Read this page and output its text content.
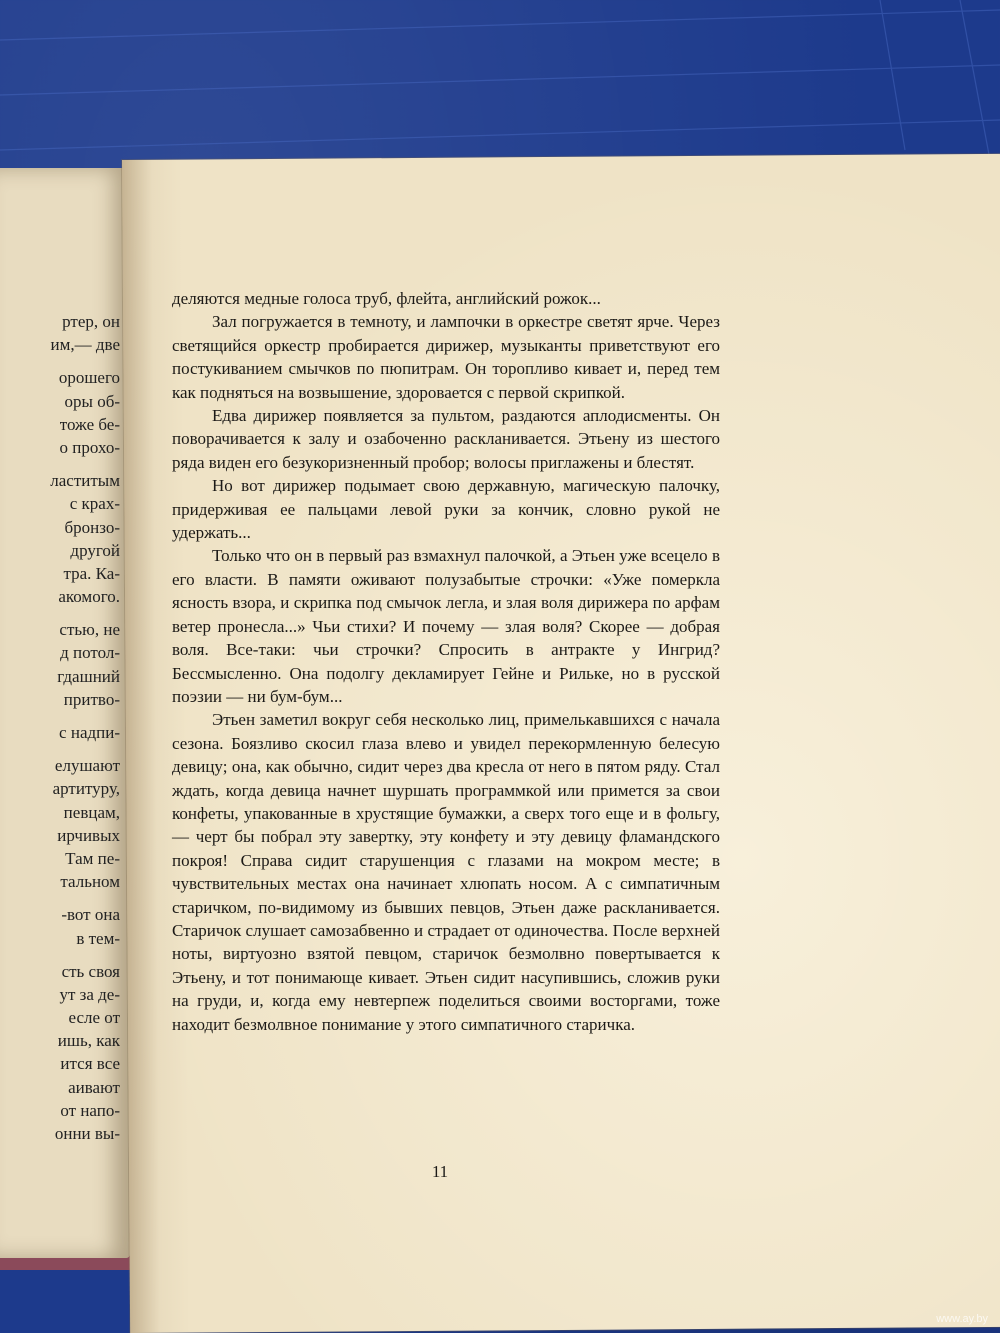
ртер, он
им,— две
орошего
оры об-
тоже бе-
о прохо-
ластитым
с крах-
бронзо-
другой
тра. Ка-
акомого.
стью, не
д потол-
гдашний
притво-
с надпи-
елушают
артитуру,
певцам,
ирчивых
Там пе-
тальном
-вот она
в тем-
сть своя
ут за де-
есле от
ишь, как
ится все
аивают
от напо-
онни вы-

деляются медные голоса труб, флейта, английский рожок...

Зал погружается в темноту, и лампочки в оркестре светят ярче. Через светящийся оркестр пробирается дирижер, музыканты приветствуют его постукиванием смычков по пюпитрам. Он торопливо кивает и, перед тем как подняться на возвышение, здоровается с первой скрипкой.

Едва дирижер появляется за пультом, раздаются аплодисменты. Он поворачивается к залу и озабоченно раскланивается. Этьену из шестого ряда виден его безукоризненный пробор; волосы приглажены и блестят.

Но вот дирижер подымает свою державную, магическую палочку, придерживая ее пальцами левой руки за кончик, словно рукой не удержать...

Только что он в первый раз взмахнул палочкой, а Этьен уже всецело в его власти. В памяти оживают полузабытые строчки: «Уже померкла ясность взора, и скрипка под смычок легла, и злая воля дирижера по арфам ветер пронесла...» Чьи стихи? И почему — злая воля? Скорее — добрая воля. Все-таки: чьи строчки? Спросить в антракте у Ингрид? Бессмысленно. Она подолгу декламирует Гейне и Рильке, но в русской поэзии — ни бум-бум...

Этьен заметил вокруг себя несколько лиц, примелькавшихся с начала сезона. Боязливо скосил глаза влево и увидел перекормленную белесую девицу; она, как обычно, сидит через два кресла от него в пятом ряду. Стал ждать, когда девица начнет шуршать программкой или примется за свои конфеты, упакованные в хрустящие бумажки, а сверх того еще и в фольгу,— черт бы побрал эту завертку, эту конфету и эту девицу фламандского покроя! Справа сидит старушенция с глазами на мокром месте; в чувствительных местах она начинает хлюпать носом. А с симпатичным старичком, по-видимому из бывших певцов, Этьен даже раскланивается. Старичок слушает самозабвенно и страдает от одиночества. После верхней ноты, виртуозно взятой певцом, старичок безмолвно повертывается к Этьену, и тот понимающе кивает. Этьен сидит насупившись, сложив руки на груди, и, когда ему невтерпеж поделиться своими восторгами, тоже находит безмолвное понимание у этого симпатичного старичка.

11
www.ay.by
